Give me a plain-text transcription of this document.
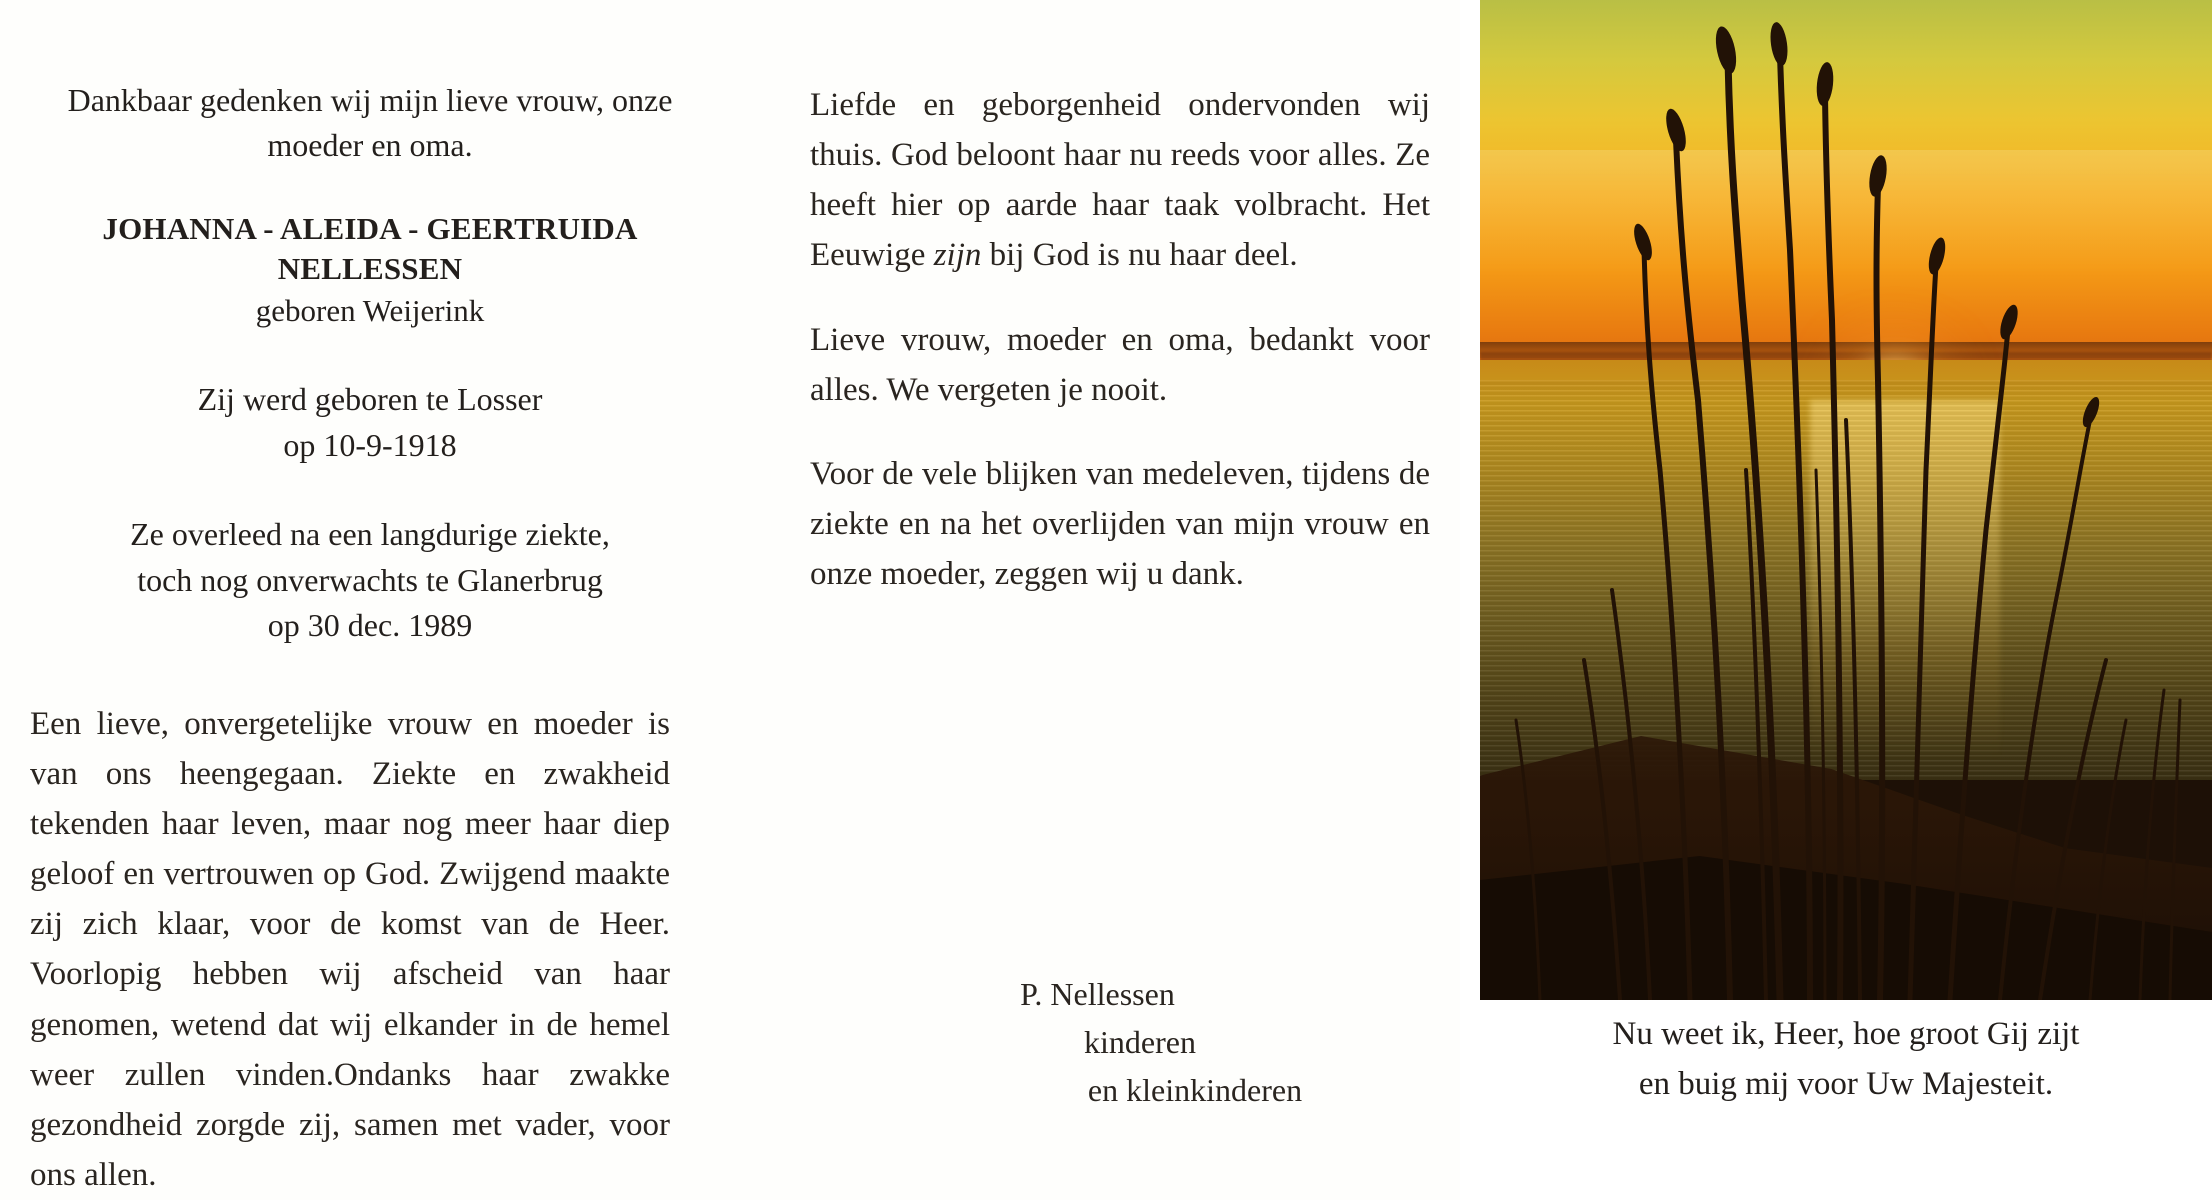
Dankbaar gedenken wij mijn lieve vrouw, onze moeder en oma.

JOHANNA - ALEIDA - GEERTRUIDA

NELLESSEN

geboren Weijerink

Zij werd geboren te Losser

op 10-9-1918

Ze overleed na een langdurige ziekte,

toch nog onverwachts te Glanerbrug

op 30 dec. 1989

Een lieve, onvergetelijke vrouw en moeder is van ons heengegaan. Ziekte en zwakheid tekenden haar leven, maar nog meer haar diep geloof en vertrouwen op God. Zwijgend maakte zij zich klaar, voor de komst van de Heer. Voorlopig hebben wij afscheid van haar genomen, wetend dat wij elkander in de hemel weer zullen vinden.Ondanks haar zwakke gezondheid zorgde zij, samen met vader, voor ons allen.

Liefde en geborgenheid ondervonden wij thuis. God beloont haar nu reeds voor alles. Ze heeft hier op aarde haar taak volbracht. Het Eeuwige zijn bij God is nu haar deel.

Lieve vrouw, moeder en oma, bedankt voor alles. We vergeten je nooit.

Voor de vele blijken van medeleven, tijdens de ziekte en na het overlijden van mijn vrouw en onze moeder, zeggen wij u dank.

P. Nellessen
kinderen
en kleinkinderen

Nu weet ik, Heer, hoe groot Gij zijt

en buig mij voor Uw Majesteit.
